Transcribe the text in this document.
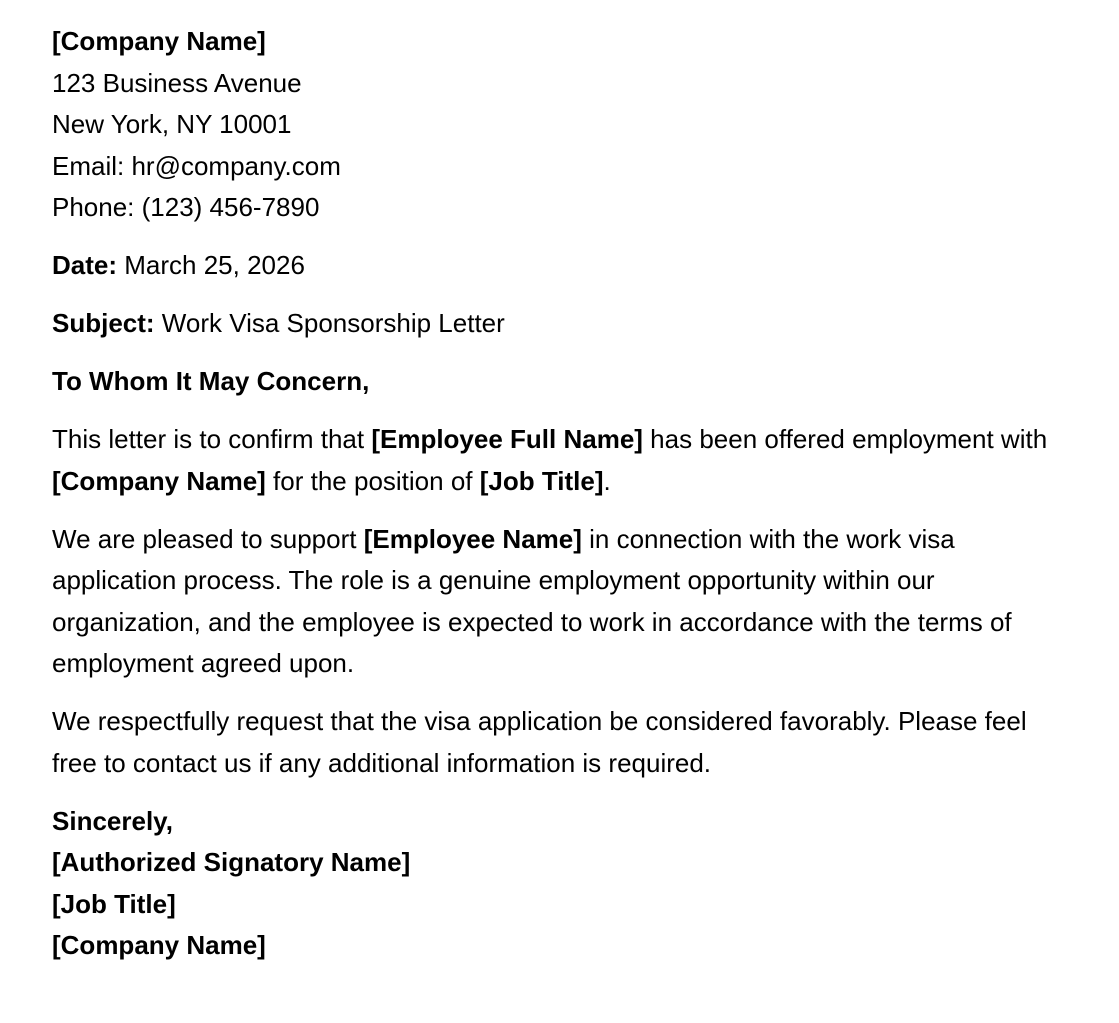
[Company Name]
123 Business Avenue
New York, NY 10001
Email: hr@company.com
Phone: (123) 456-7890

Date: March 25, 2026

Subject: Work Visa Sponsorship Letter

To Whom It May Concern,

This letter is to confirm that [Employee Full Name] has been offered employment with [Company Name] for the position of [Job Title].

We are pleased to support [Employee Name] in connection with the work visa application process. The role is a genuine employment opportunity within our organization, and the employee is expected to work in accordance with the terms of employment agreed upon.

We respectfully request that the visa application be considered favorably. Please feel free to contact us if any additional information is required.

Sincerely,
[Authorized Signatory Name]
[Job Title]
[Company Name]
